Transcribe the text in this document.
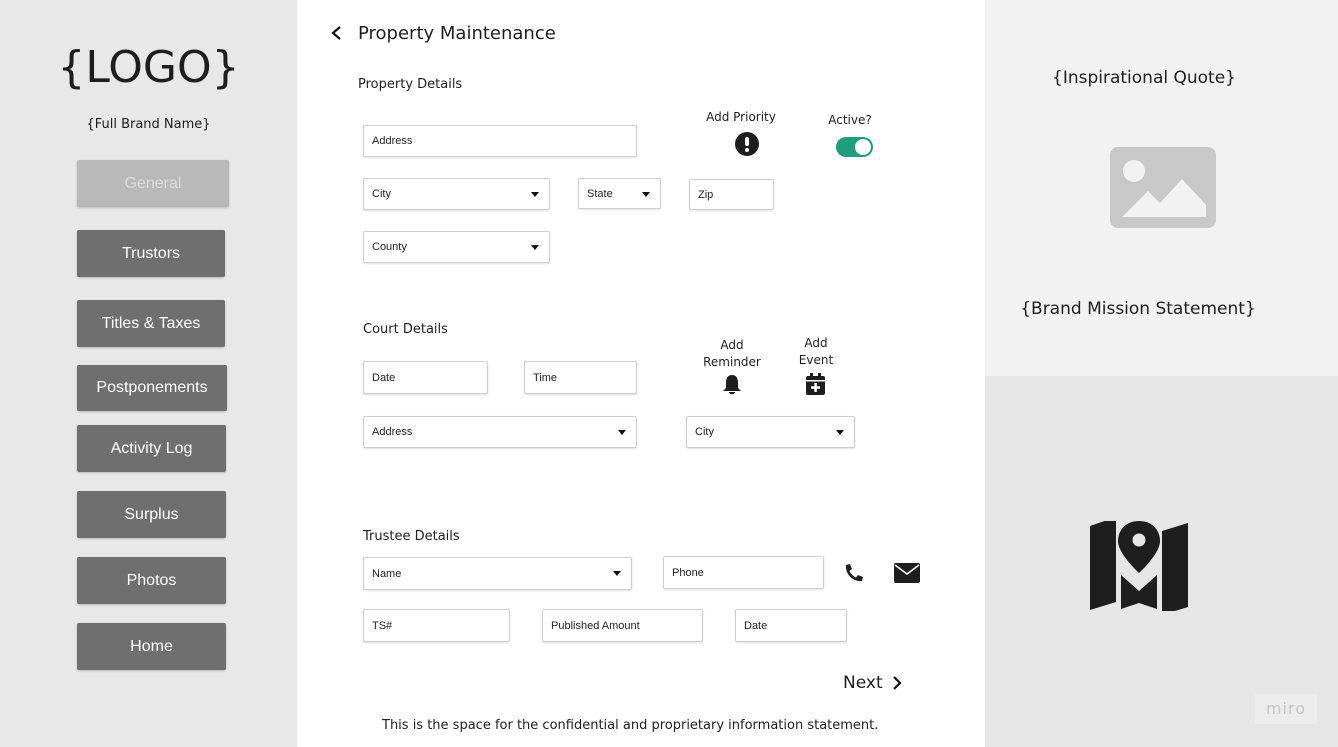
{LOGO}
{Full Brand Name}
General
Trustors
Titles & Taxes
Postponements
Activity Log
Surplus
Photos
Home
Property Maintenance
Property Details
Address
City	State	Zip
County
Add Priority	Active?
Court Details
Date	Time
Address	City
Add Reminder
Add Event
Trustee Details
Name	Phone
TS#	Published Amount	Date
Next
This is the space for the confidential and proprietary information statement.
{Inspirational Quote}
{Brand Mission Statement}
miro
